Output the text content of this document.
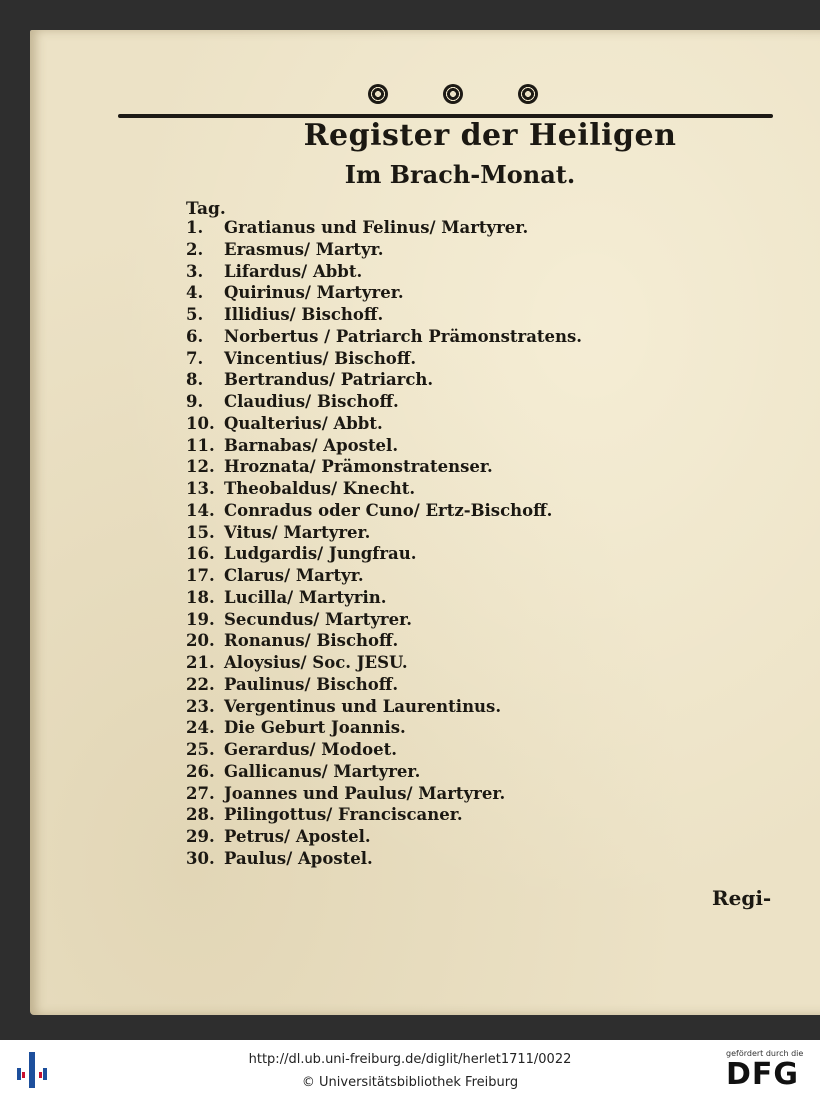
Register der Heiligen
Im Brach-Monat.
Tag.
1. Gratianus und Felinus/ Martyrer.
2. Erasmus/ Martyr.
3. Lifardus/ Abbt.
4. Quirinus/ Martyrer.
5. Illidius/ Bischoff.
6. Norbertus / Patriarch Prämonstratens.
7. Vincentius/ Bischoff.
8. Bertrandus/ Patriarch.
9. Claudius/ Bischoff.
10. Qualterius/ Abbt.
11. Barnabas/ Apostel.
12. Hroznata/ Prämonstratenser.
13. Theobaldus/ Knecht.
14. Conradus oder Cuno/ Ertz-Bischoff.
15. Vitus/ Martyrer.
16. Ludgardis/ Jungfrau.
17. Clarus/ Martyr.
18. Lucilla/ Martyrin.
19. Secundus/ Martyrer.
20. Ronanus/ Bischoff.
21. Aloysius/ Soc. JESU.
22. Paulinus/ Bischoff.
23. Vergentinus und Laurentinus.
24. Die Geburt Joannis.
25. Gerardus/ Modoet.
26. Gallicanus/ Martyrer.
27. Joannes und Paulus/ Martyrer.
28. Pilingottus/ Franciscaner.
29. Petrus/ Apostel.
30. Paulus/ Apostel.
Regi-
http://dl.ub.uni-freiburg.de/diglit/herlet1711/0022
© Universitätsbibliothek Freiburg
gefördert durch die
DFG
